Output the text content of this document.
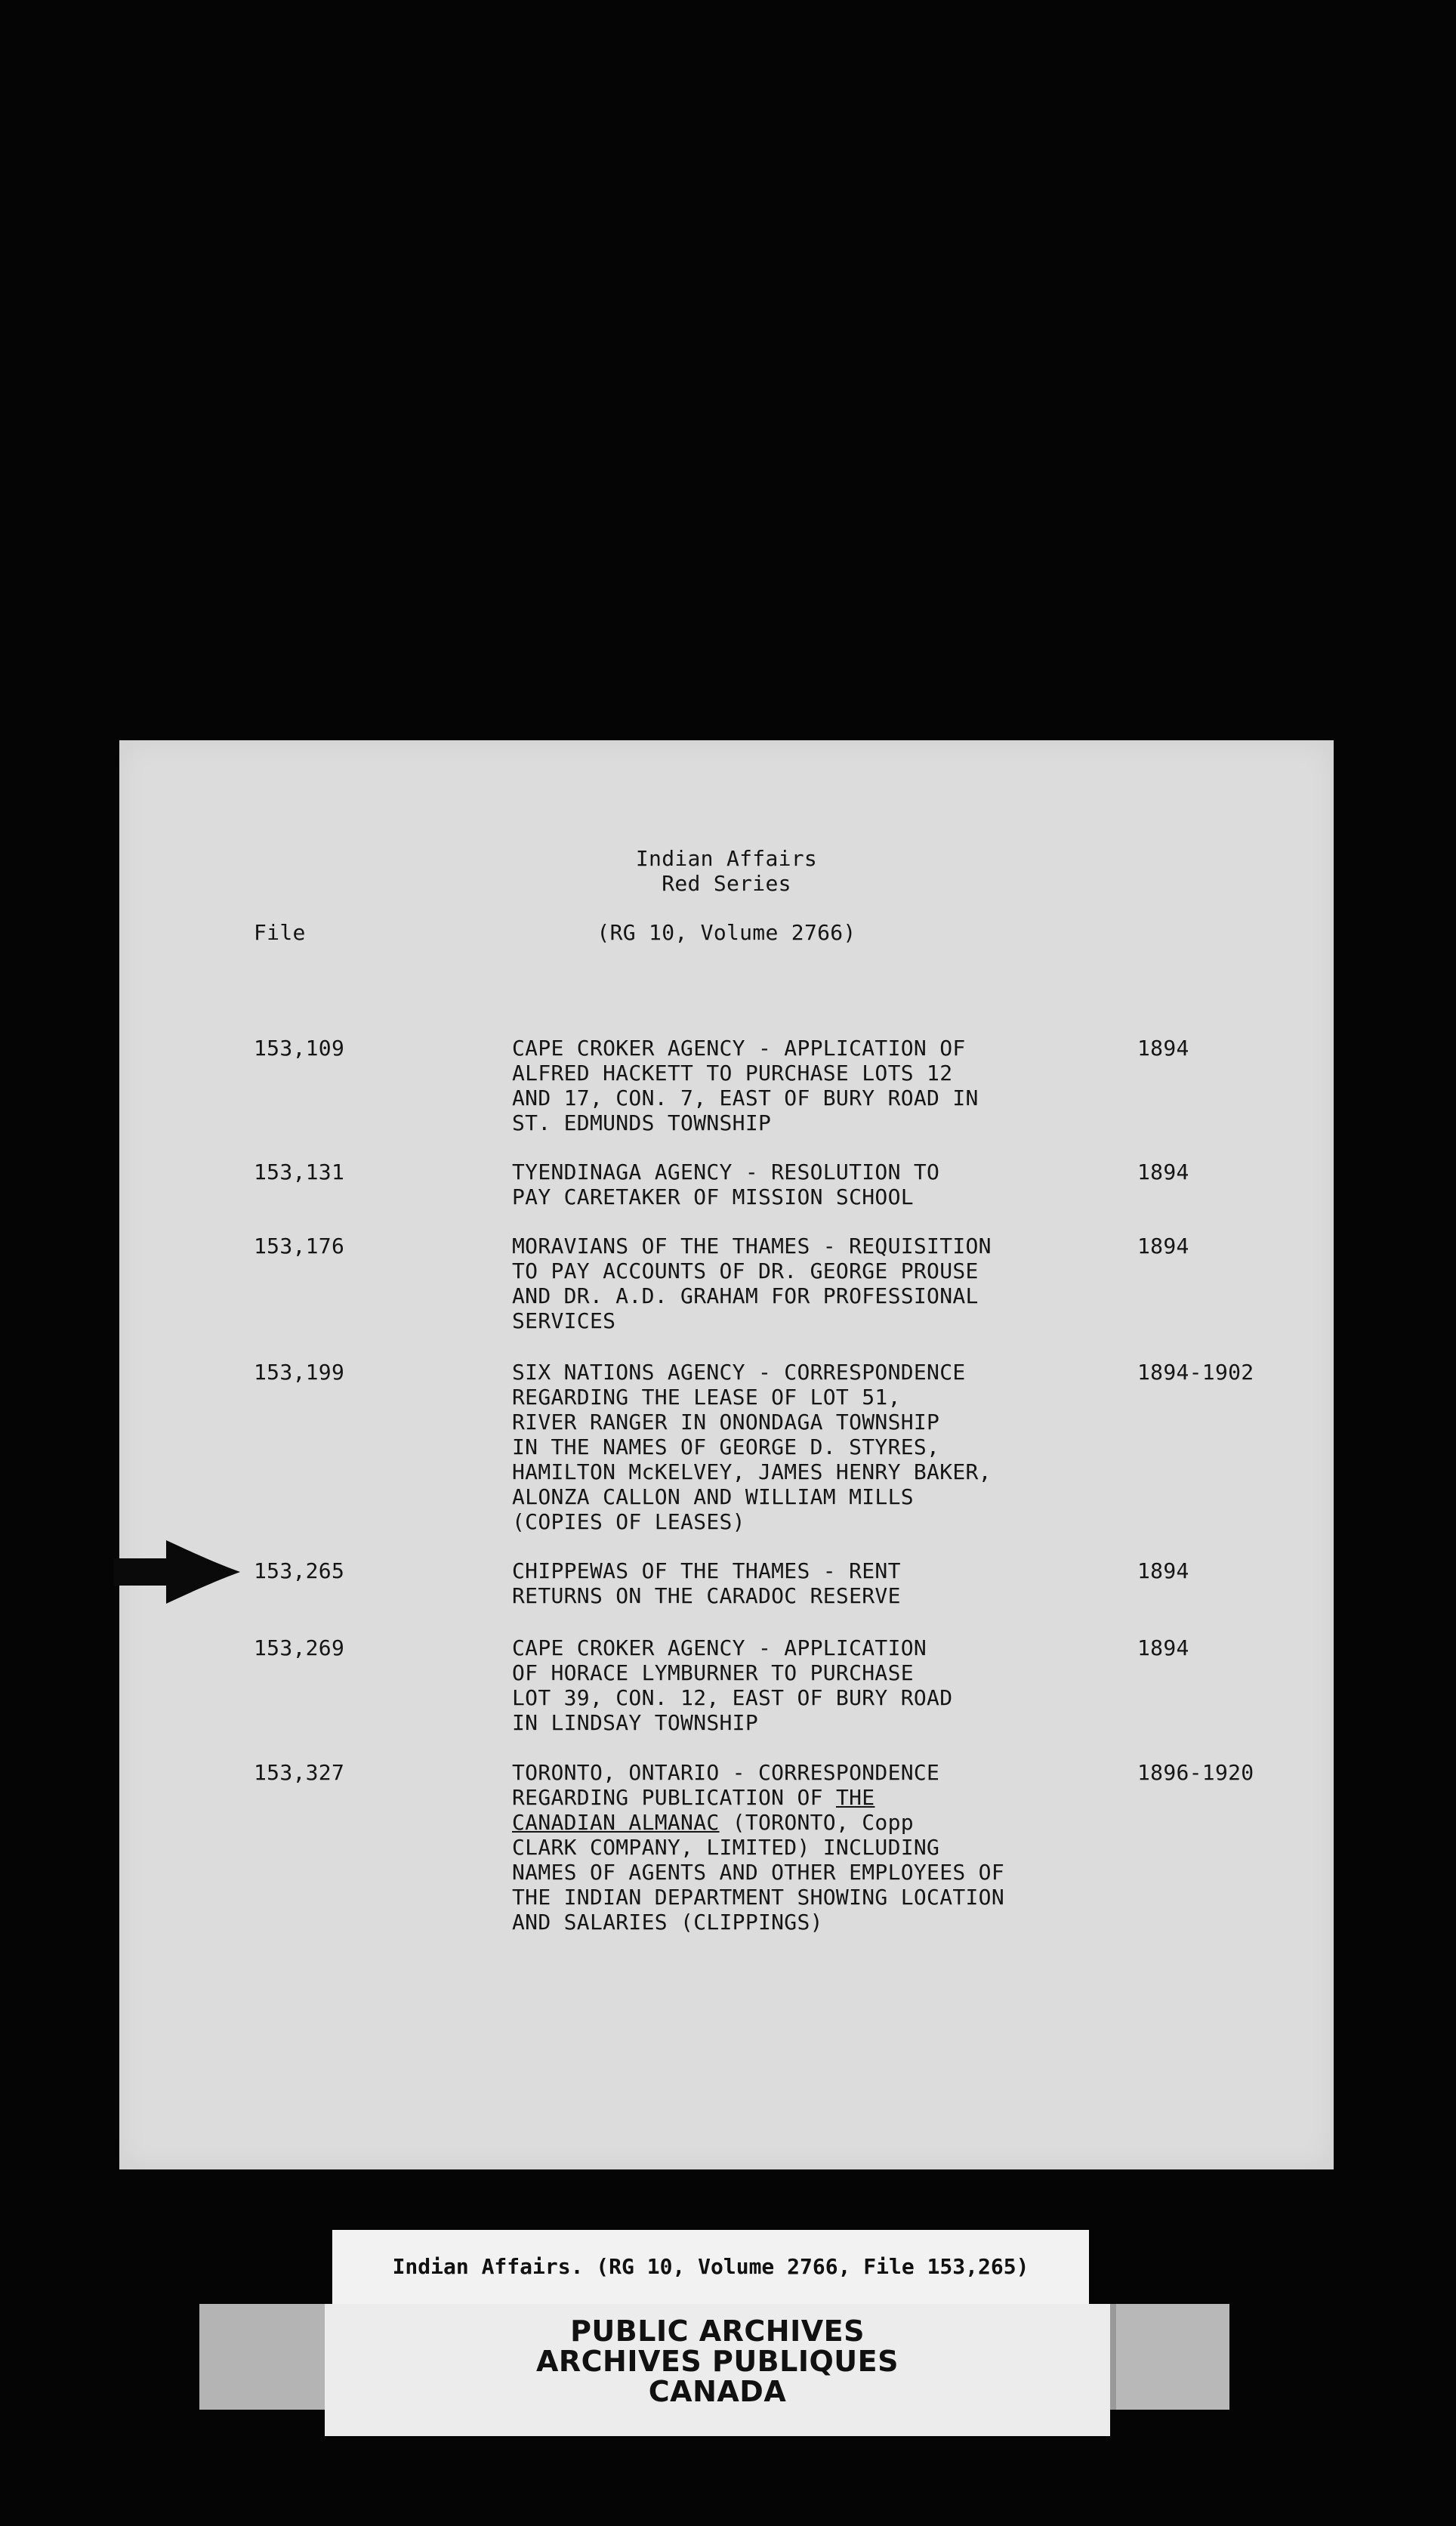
Indian Affairs
Red Series
File	(RG 10, Volume 2766)
153,109	CAPE CROKER AGENCY - APPLICATION OF
ALFRED HACKETT TO PURCHASE LOTS 12
AND 17, CON. 7, EAST OF BURY ROAD IN
ST. EDMUNDS TOWNSHIP
1894
153,131	TYENDINAGA AGENCY - RESOLUTION TO
PAY CARETAKER OF MISSION SCHOOL
1894
153,176	MORAVIANS OF THE THAMES - REQUISITION
TO PAY ACCOUNTS OF DR. GEORGE PROUSE
AND DR. A.D. GRAHAM FOR PROFESSIONAL
SERVICES
1894
153,199	SIX NATIONS AGENCY - CORRESPONDENCE
REGARDING THE LEASE OF LOT 51,
RIVER RANGER IN ONONDAGA TOWNSHIP
IN THE NAMES OF GEORGE D. STYRES,
HAMILTON McKELVEY, JAMES HENRY BAKER,
ALONZA CALLON AND WILLIAM MILLS
(COPIES OF LEASES)
1894-1902
153,265	CHIPPEWAS OF THE THAMES - RENT
RETURNS ON THE CARADOC RESERVE
1894
153,269	CAPE CROKER AGENCY - APPLICATION
OF HORACE LYMBURNER TO PURCHASE
LOT 39, CON. 12, EAST OF BURY ROAD
IN LINDSAY TOWNSHIP
1894
153,327	TORONTO, ONTARIO - CORRESPONDENCE
REGARDING PUBLICATION OF THE
CANADIAN ALMANAC (TORONTO, Copp
CLARK COMPANY, LIMITED) INCLUDING
NAMES OF AGENTS AND OTHER EMPLOYEES OF
THE INDIAN DEPARTMENT SHOWING LOCATION
AND SALARIES (CLIPPINGS)
1896-1920
Indian Affairs. (RG 10, Volume 2766, File 153,265)
PUBLIC ARCHIVES
ARCHIVES PUBLIQUES
CANADA
